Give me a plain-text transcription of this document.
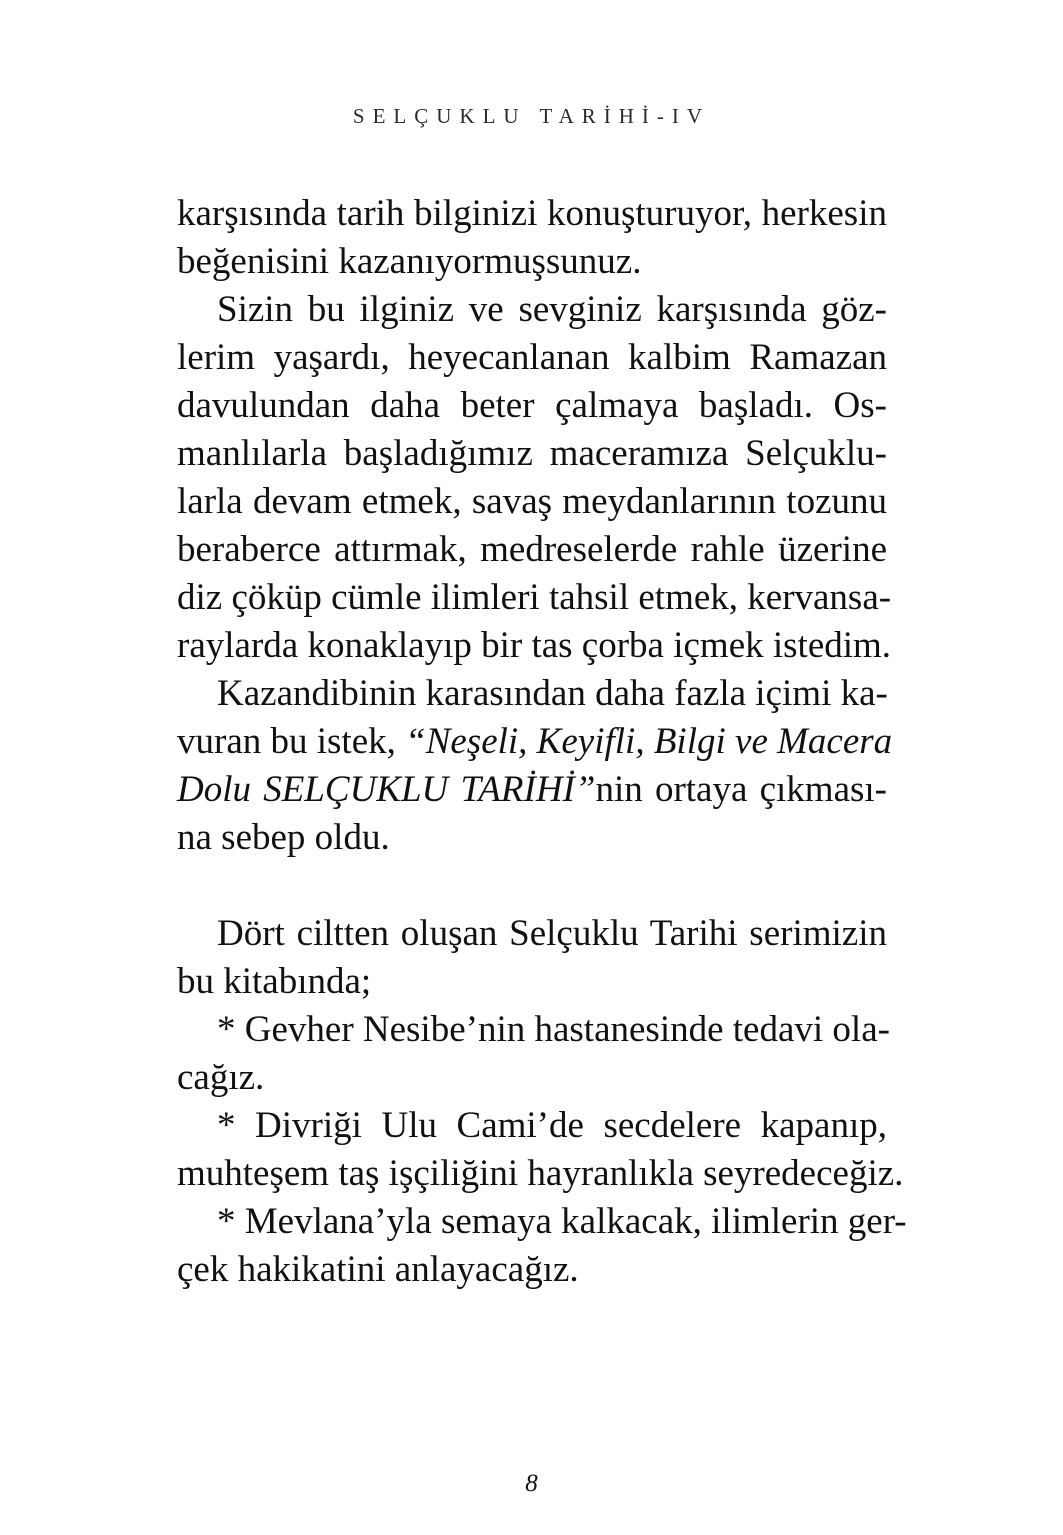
SELÇUKLU TARİHİ-IV
karşısında tarih bilginizi konuşturuyor, herkesin
beğenisini kazanıyormuşsunuz.
Sizin bu ilginiz ve sevginiz karşısında göz-
lerim yaşardı, heyecanlanan kalbim Ramazan
davulundan daha beter çalmaya başladı. Os-
manlılarla başladığımız maceramıza Selçuklu-
larla devam etmek, savaş meydanlarının tozunu
beraberce attırmak, medreselerde rahle üzerine
diz çöküp cümle ilimleri tahsil etmek, kervansa-
raylarda konaklayıp bir tas çorba içmek istedim.
Kazandibinin karasından daha fazla içimi ka-
vuran bu istek, “Neşeli, Keyifli, Bilgi ve Macera
Dolu SELÇUKLU TARİHİ”nin ortaya çıkması-
na sebep oldu.
Dört ciltten oluşan Selçuklu Tarihi serimizin
bu kitabında;
* Gevher Nesibe’nin hastanesinde tedavi ola-
cağız.
* Divriği Ulu Cami’de secdelere kapanıp,
muhteşem taş işçiliğini hayranlıkla seyredeceğiz.
* Mevlana’yla semaya kalkacak, ilimlerin ger-
çek hakikatini anlayacağız.
8
